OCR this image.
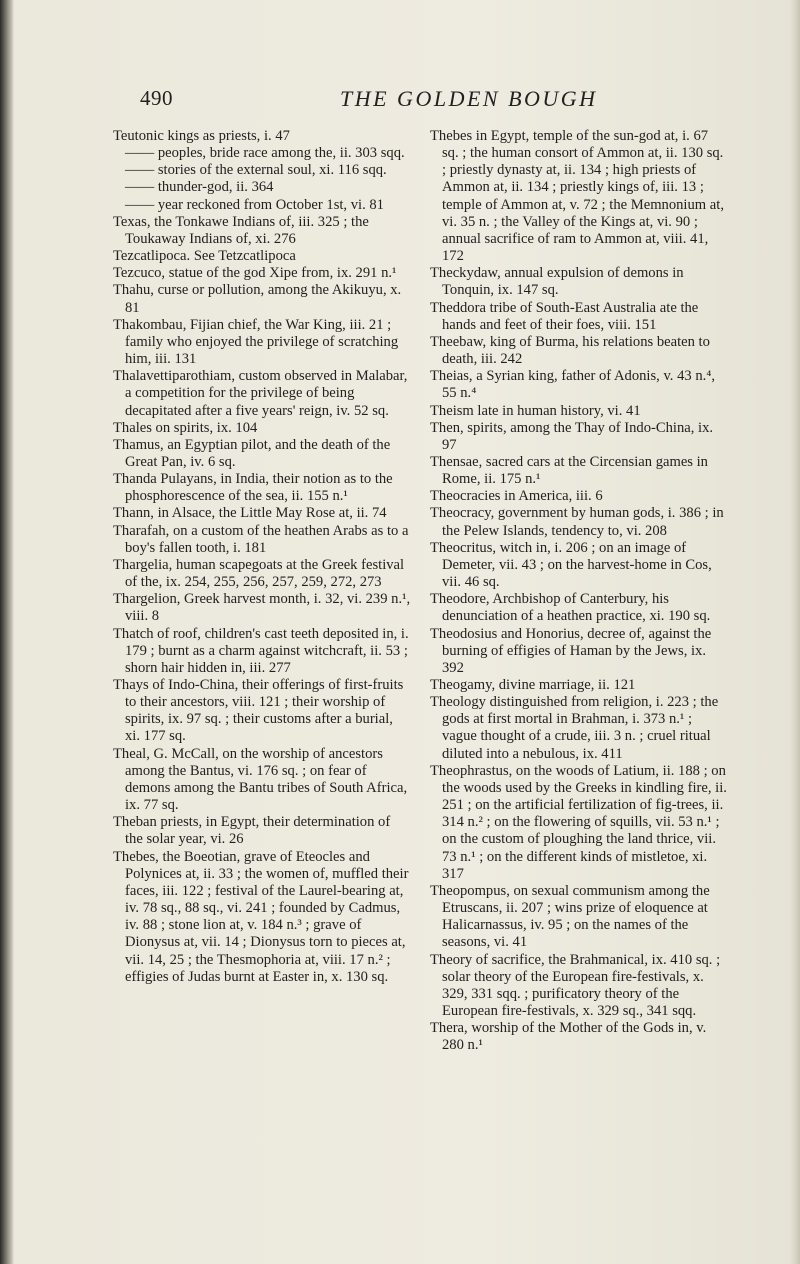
490	THE GOLDEN BOUGH

Teutonic kings as priests, i. 47

—— peoples, bride race among the, ii. 303 sqq.

—— stories of the external soul, xi. 116 sqq.

—— thunder-god, ii. 364

—— year reckoned from October 1st, vi. 81

Texas, the Tonkawe Indians of, iii. 325 ; the Toukaway Indians of, xi. 276

Tezcatlipoca. See Tetzcatlipoca

Tezcuco, statue of the god Xipe from, ix. 291 n.¹

Thahu, curse or pollution, among the Akikuyu, x. 81

Thakombau, Fijian chief, the War King, iii. 21 ; family who enjoyed the privilege of scratching him, iii. 131

Thalavettiparothiam, custom observed in Malabar, a competition for the privilege of being decapitated after a five years' reign, iv. 52 sq.

Thales on spirits, ix. 104

Thamus, an Egyptian pilot, and the death of the Great Pan, iv. 6 sq.

Thanda Pulayans, in India, their notion as to the phosphorescence of the sea, ii. 155 n.¹

Thann, in Alsace, the Little May Rose at, ii. 74

Tharafah, on a custom of the heathen Arabs as to a boy's fallen tooth, i. 181

Thargelia, human scapegoats at the Greek festival of the, ix. 254, 255, 256, 257, 259, 272, 273

Thargelion, Greek harvest month, i. 32, vi. 239 n.¹, viii. 8

Thatch of roof, children's cast teeth deposited in, i. 179 ; burnt as a charm against witchcraft, ii. 53 ; shorn hair hidden in, iii. 277

Thays of Indo-China, their offerings of first-fruits to their ancestors, viii. 121 ; their worship of spirits, ix. 97 sq. ; their customs after a burial, xi. 177 sq.

Theal, G. McCall, on the worship of ancestors among the Bantus, vi. 176 sq. ; on fear of demons among the Bantu tribes of South Africa, ix. 77 sq.

Theban priests, in Egypt, their determination of the solar year, vi. 26

Thebes, the Boeotian, grave of Eteocles and Polynices at, ii. 33 ; the women of, muffled their faces, iii. 122 ; festival of the Laurel-bearing at, iv. 78 sq., 88 sq., vi. 241 ; founded by Cadmus, iv. 88 ; stone lion at, v. 184 n.³ ; grave of Dionysus at, vii. 14 ; Dionysus torn to pieces at, vii. 14, 25 ; the Thesmophoria at, viii. 17 n.² ; effigies of Judas burnt at Easter in, x. 130 sq.

Thebes in Egypt, temple of the sun-god at, i. 67 sq. ; the human consort of Ammon at, ii. 130 sq. ; priestly dynasty at, ii. 134 ; high priests of Ammon at, ii. 134 ; priestly kings of, iii. 13 ; temple of Ammon at, v. 72 ; the Memnonium at, vi. 35 n. ; the Valley of the Kings at, vi. 90 ; annual sacrifice of ram to Ammon at, viii. 41, 172

Theckydaw, annual expulsion of demons in Tonquin, ix. 147 sq.

Theddora tribe of South-East Australia ate the hands and feet of their foes, viii. 151

Theebaw, king of Burma, his relations beaten to death, iii. 242

Theias, a Syrian king, father of Adonis, v. 43 n.⁴, 55 n.⁴

Theism late in human history, vi. 41

Then, spirits, among the Thay of Indo-China, ix. 97

Thensae, sacred cars at the Circensian games in Rome, ii. 175 n.¹

Theocracies in America, iii. 6

Theocracy, government by human gods, i. 386 ; in the Pelew Islands, tendency to, vi. 208

Theocritus, witch in, i. 206 ; on an image of Demeter, vii. 43 ; on the harvest-home in Cos, vii. 46 sq.

Theodore, Archbishop of Canterbury, his denunciation of a heathen practice, xi. 190 sq.

Theodosius and Honorius, decree of, against the burning of effigies of Haman by the Jews, ix. 392

Theogamy, divine marriage, ii. 121

Theology distinguished from religion, i. 223 ; the gods at first mortal in Brahman, i. 373 n.¹ ; vague thought of a crude, iii. 3 n. ; cruel ritual diluted into a nebulous, ix. 411

Theophrastus, on the woods of Latium, ii. 188 ; on the woods used by the Greeks in kindling fire, ii. 251 ; on the artificial fertilization of fig-trees, ii. 314 n.² ; on the flowering of squills, vii. 53 n.¹ ; on the custom of ploughing the land thrice, vii. 73 n.¹ ; on the different kinds of mistletoe, xi. 317

Theopompus, on sexual communism among the Etruscans, ii. 207 ; wins prize of eloquence at Halicarnassus, iv. 95 ; on the names of the seasons, vi. 41

Theory of sacrifice, the Brahmanical, ix. 410 sq. ; solar theory of the European fire-festivals, x. 329, 331 sqq. ; purificatory theory of the European fire-festivals, x. 329 sq., 341 sqq.

Thera, worship of the Mother of the Gods in, v. 280 n.¹
